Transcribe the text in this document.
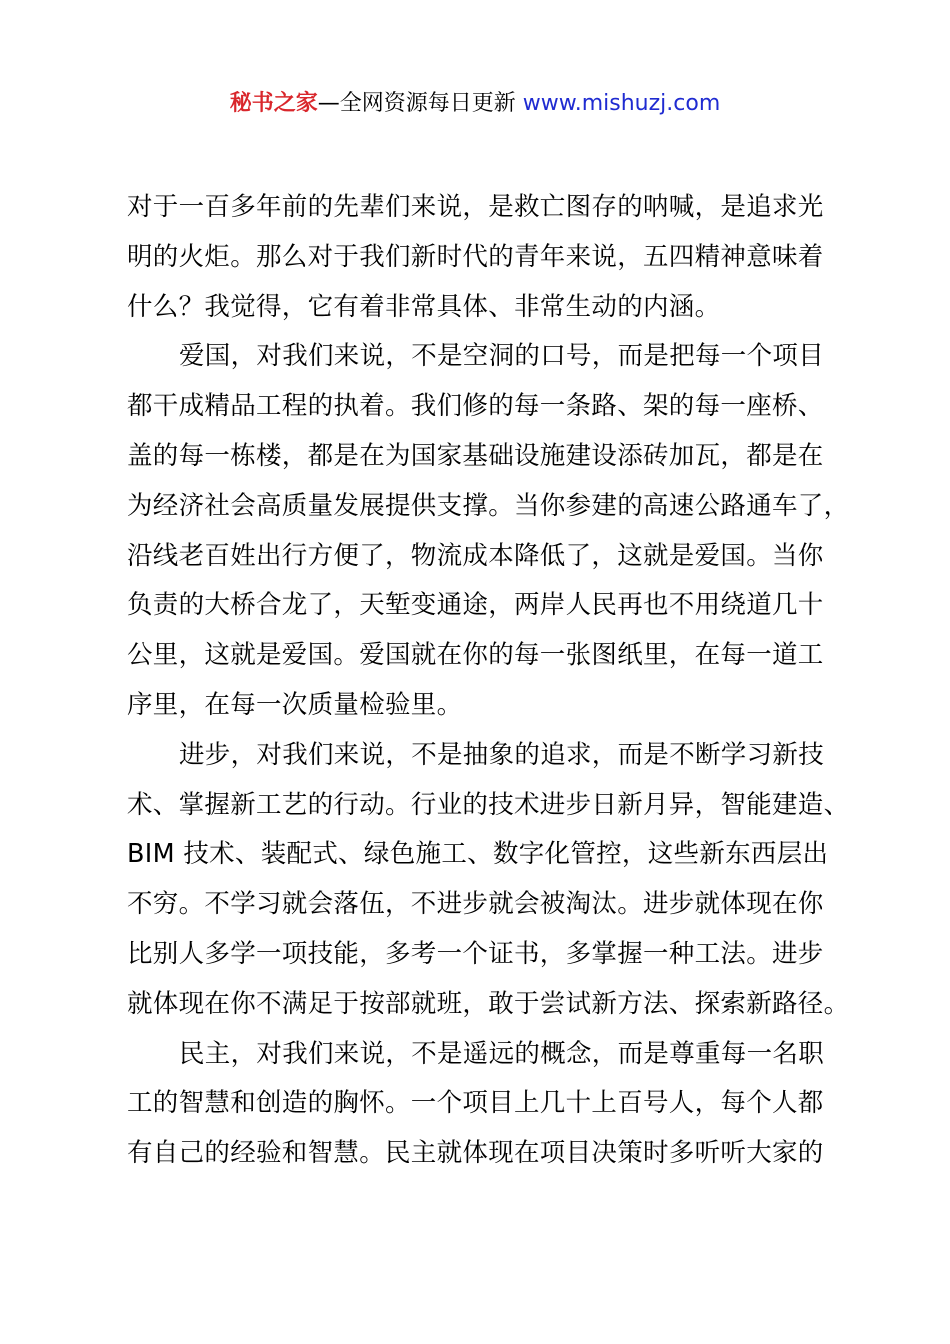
秘书之家—全网资源每日更新 www.mishuzj.com
对于一百多年前的先辈们来说，是救亡图存的呐喊，是追求光
明的火炬。那么对于我们新时代的青年来说，五四精神意味着
什么？我觉得，它有着非常具体、非常生动的内涵。
爱国，对我们来说，不是空洞的口号，而是把每一个项目
都干成精品工程的执着。我们修的每一条路、架的每一座桥、
盖的每一栋楼，都是在为国家基础设施建设添砖加瓦，都是在
为经济社会高质量发展提供支撑。当你参建的高速公路通车了，
沿线老百姓出行方便了，物流成本降低了，这就是爱国。当你
负责的大桥合龙了，天堑变通途，两岸人民再也不用绕道几十
公里，这就是爱国。爱国就在你的每一张图纸里，在每一道工
序里，在每一次质量检验里。
进步，对我们来说，不是抽象的追求，而是不断学习新技
术、掌握新工艺的行动。行业的技术进步日新月异，智能建造、
BIM 技术、装配式、绿色施工、数字化管控，这些新东西层出
不穷。不学习就会落伍，不进步就会被淘汰。进步就体现在你
比别人多学一项技能，多考一个证书，多掌握一种工法。进步
就体现在你不满足于按部就班，敢于尝试新方法、探索新路径。
民主，对我们来说，不是遥远的概念，而是尊重每一名职
工的智慧和创造的胸怀。一个项目上几十上百号人，每个人都
有自己的经验和智慧。民主就体现在项目决策时多听听大家的
